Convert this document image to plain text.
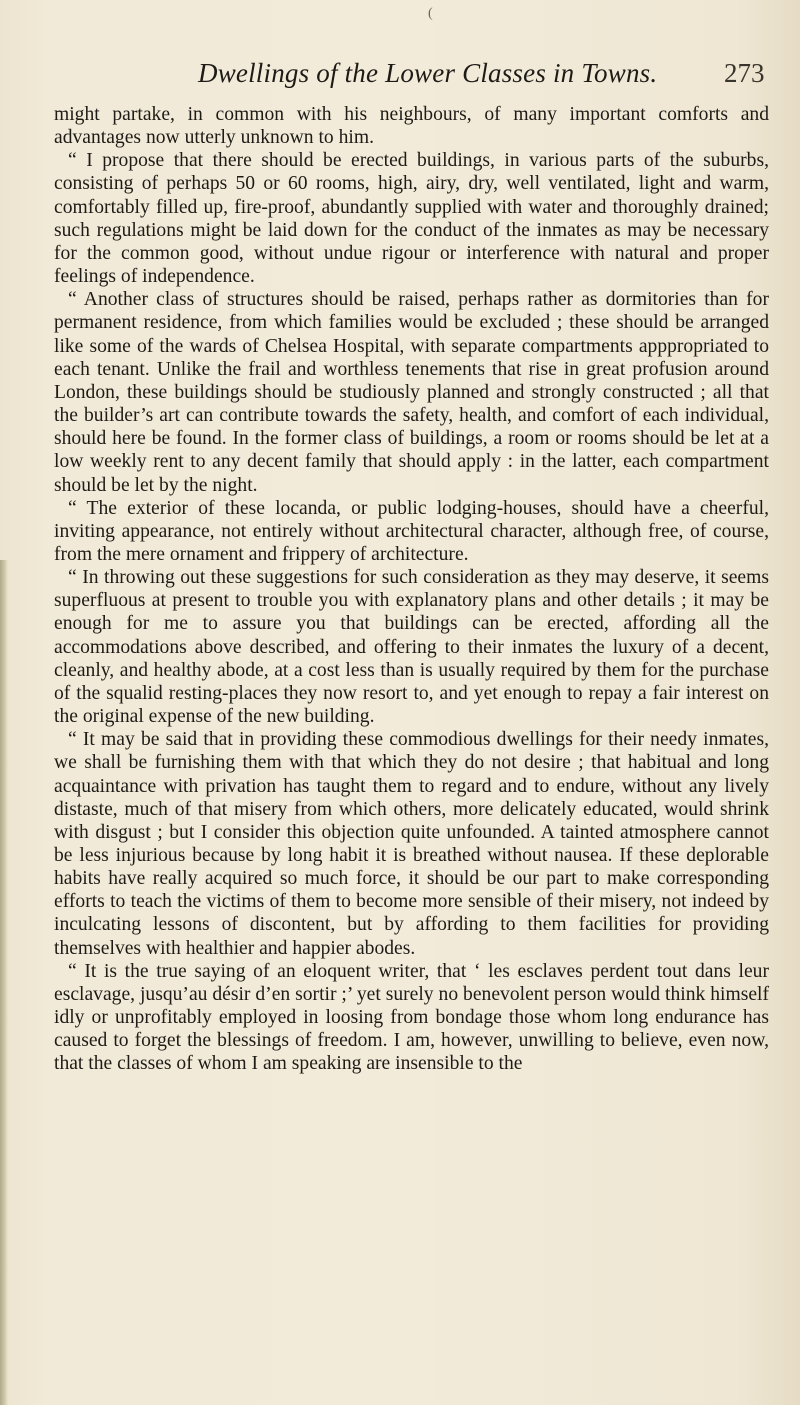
(
Dwellings of the Lower Classes in Towns. 273

might partake, in common with his neighbours, of many important comforts and advantages now utterly unknown to him.

“ I propose that there should be erected buildings, in various parts of the suburbs, consisting of perhaps 50 or 60 rooms, high, airy, dry, well ventilated, light and warm, comfortably filled up, fire-proof, abundantly supplied with water and thoroughly drained; such regulations might be laid down for the conduct of the inmates as may be necessary for the common good, without undue rigour or interference with natural and proper feelings of independence.

“ Another class of structures should be raised, perhaps rather as dormitories than for permanent residence, from which families would be excluded ; these should be arranged like some of the wards of Chelsea Hospital, with separate compartments apppropriated to each tenant. Unlike the frail and worthless tenements that rise in great profusion around London, these buildings should be studiously planned and strongly constructed ; all that the builder’s art can contribute towards the safety, health, and comfort of each individual, should here be found. In the former class of buildings, a room or rooms should be let at a low weekly rent to any decent family that should apply : in the latter, each compartment should be let by the night.

“ The exterior of these locanda, or public lodging-houses, should have a cheerful, inviting appearance, not entirely without architectural character, although free, of course, from the mere ornament and frippery of architecture.

“ In throwing out these suggestions for such consideration as they may deserve, it seems superfluous at present to trouble you with explanatory plans and other details ; it may be enough for me to assure you that buildings can be erected, affording all the accommodations above described, and offering to their inmates the luxury of a decent, cleanly, and healthy abode, at a cost less than is usually required by them for the purchase of the squalid resting-places they now resort to, and yet enough to repay a fair interest on the original expense of the new building.

“ It may be said that in providing these commodious dwellings for their needy inmates, we shall be furnishing them with that which they do not desire ; that habitual and long acquaintance with privation has taught them to regard and to endure, without any lively distaste, much of that misery from which others, more delicately educated, would shrink with disgust ; but I consider this objection quite unfounded. A tainted atmosphere cannot be less injurious because by long habit it is breathed without nausea. If these deplorable habits have really acquired so much force, it should be our part to make corresponding efforts to teach the victims of them to become more sensible of their misery, not indeed by inculcating lessons of discontent, but by affording to them facilities for providing themselves with healthier and happier abodes.

“ It is the true saying of an eloquent writer, that ‘ les esclaves perdent tout dans leur esclavage, jusqu’au désir d’en sortir ;’ yet surely no benevolent person would think himself idly or unprofitably employed in loosing from bondage those whom long endurance has caused to forget the blessings of freedom. I am, however, unwilling to believe, even now, that the classes of whom I am speaking are insensible to the
